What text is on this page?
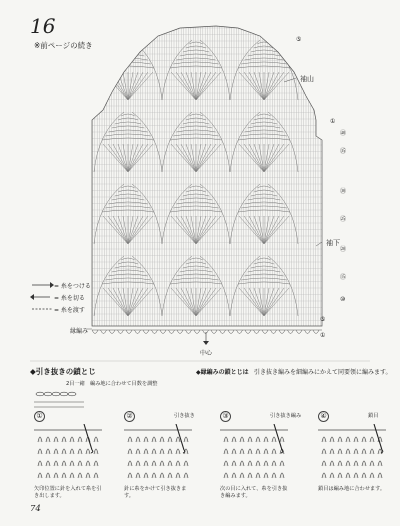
16
※前ページの続き
袖山
袖下
縁編み
中心
⑤
①
㊵
㉟
㉚
㉕
⑳
⑮
⑩
⑤
①
= 糸をつける
= 糸を切る
= 糸を渡す
◆引き抜きの鎖とじ	◆縁編みの鎖とじは 引き抜き編みを細編みにかえて同要領に編みます。
2目一緒　編み地に合わせて目数を調整
①
矢印位置に針を入れて糸を引き出します。
②	引き抜き
針に糸をかけて引き抜きます。
③	引き抜き編み
次の目に入れて、糸を引き抜き編みます。
④	鎖目
鎖目は編み地に合わせます。
74
